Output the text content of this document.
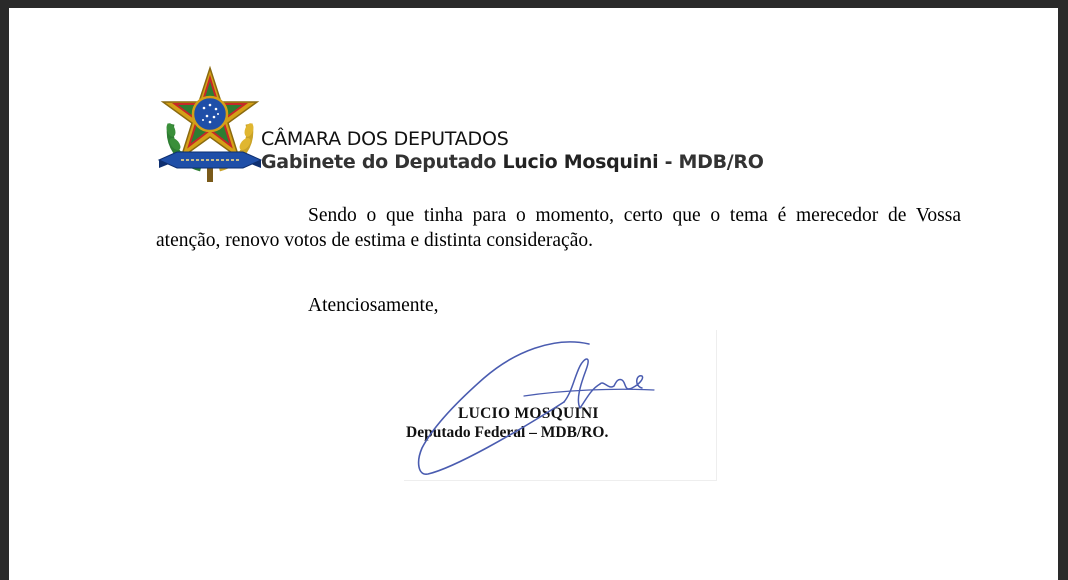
CÂMARA DOS DEPUTADOS
Gabinete do Deputado Lucio Mosquini - MDB/RO

Sendo o que tinha para o momento, certo que o tema é merecedor de Vossa atenção, renovo votos de estima e distinta consideração.

Atenciosamente,

LUCIO MOSQUINI

Deputado Federal – MDB/RO.
